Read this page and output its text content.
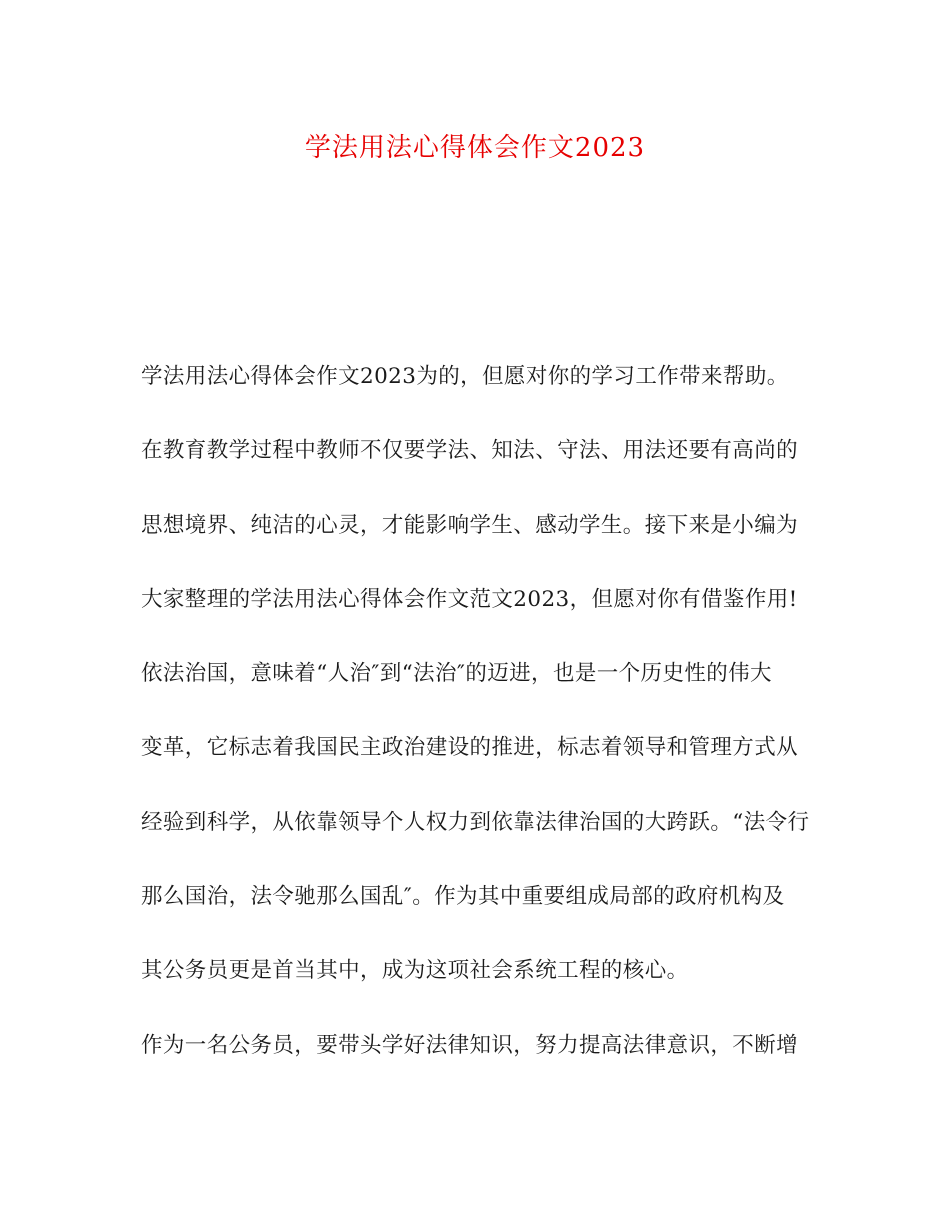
学法用法心得体会作文2023
学法用法心得体会作文2023为的，但愿对你的学习工作带来帮助。
在教育教学过程中教师不仅要学法、知法、守法、用法还要有高尚的
思想境界、纯洁的心灵，才能影响学生、感动学生。接下来是小编为
大家整理的学法用法心得体会作文范文2023，但愿对你有借鉴作用!
依法治国，意味着“人治″到“法治″的迈进，也是一个历史性的伟大
变革，它标志着我国民主政治建设的推进，标志着领导和管理方式从
经验到科学，从依靠领导个人权力到依靠法律治国的大跨跃。“法令行
那么国治，法令驰那么国乱″。作为其中重要组成局部的政府机构及
其公务员更是首当其中，成为这项社会系统工程的核心。
作为一名公务员，要带头学好法律知识，努力提高法律意识，不断增
